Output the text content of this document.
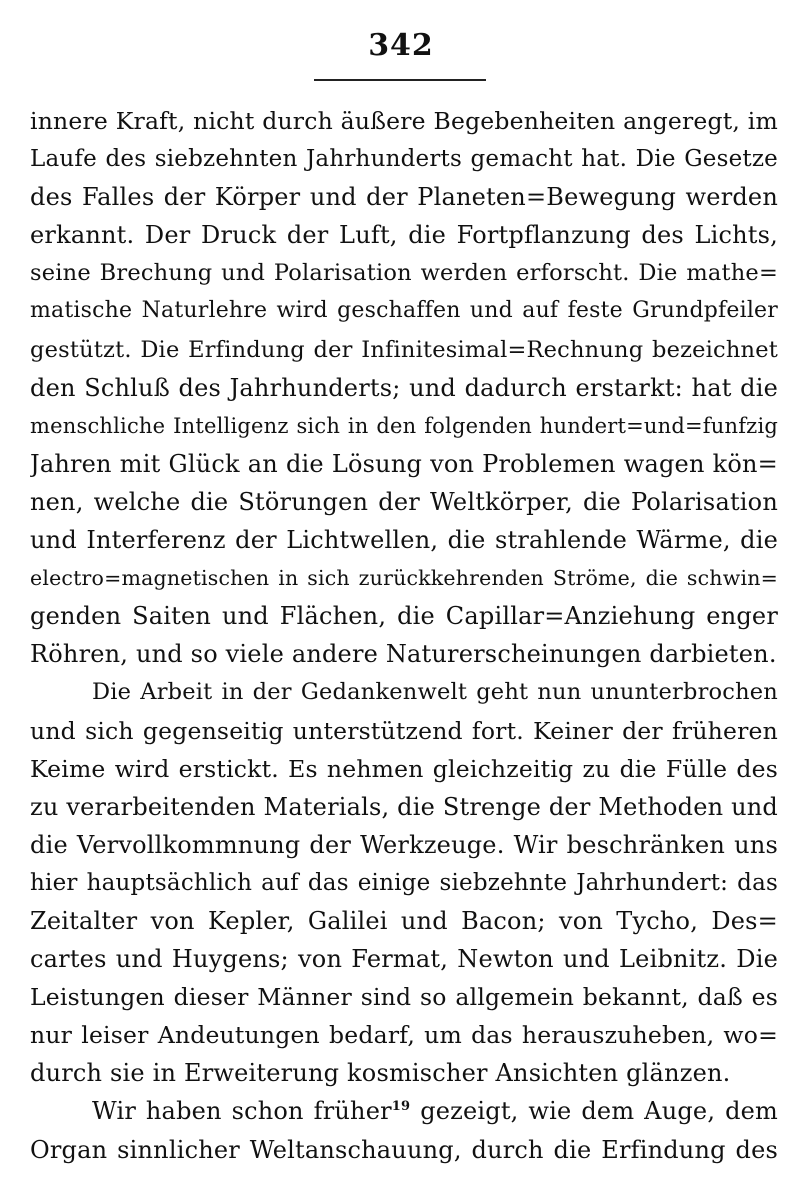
342
innere Kraft, nicht durch äußere Begebenheiten angeregt, im
Laufe des siebzehnten Jahrhunderts gemacht hat. Die Gesetze
des Falles der Körper und der Planeten=Bewegung werden
erkannt. Der Druck der Luft, die Fortpflanzung des Lichts,
seine Brechung und Polarisation werden erforscht. Die mathe=
matische Naturlehre wird geschaffen und auf feste Grundpfeiler
gestützt. Die Erfindung der Infinitesimal=Rechnung bezeichnet
den Schluß des Jahrhunderts; und dadurch erstarkt: hat die
menschliche Intelligenz sich in den folgenden hundert=und=funfzig
Jahren mit Glück an die Lösung von Problemen wagen kön=
nen, welche die Störungen der Weltkörper, die Polarisation
und Interferenz der Lichtwellen, die strahlende Wärme, die
electro=magnetischen in sich zurückkehrenden Ströme, die schwin=
genden Saiten und Flächen, die Capillar=Anziehung enger
Röhren, und so viele andere Naturerscheinungen darbieten.
Die Arbeit in der Gedankenwelt geht nun ununterbrochen
und sich gegenseitig unterstützend fort. Keiner der früheren
Keime wird erstickt. Es nehmen gleichzeitig zu die Fülle des
zu verarbeitenden Materials, die Strenge der Methoden und
die Vervollkommnung der Werkzeuge. Wir beschränken uns
hier hauptsächlich auf das einige siebzehnte Jahrhundert: das
Zeitalter von Kepler, Galilei und Bacon; von Tycho, Des=
cartes und Huygens; von Fermat, Newton und Leibnitz. Die
Leistungen dieser Männer sind so allgemein bekannt, daß es
nur leiser Andeutungen bedarf, um das herauszuheben, wo=
durch sie in Erweiterung kosmischer Ansichten glänzen.
Wir haben schon früher$^{19}$ gezeigt, wie dem Auge, dem
Organ sinnlicher Weltanschauung, durch die Erfindung des
